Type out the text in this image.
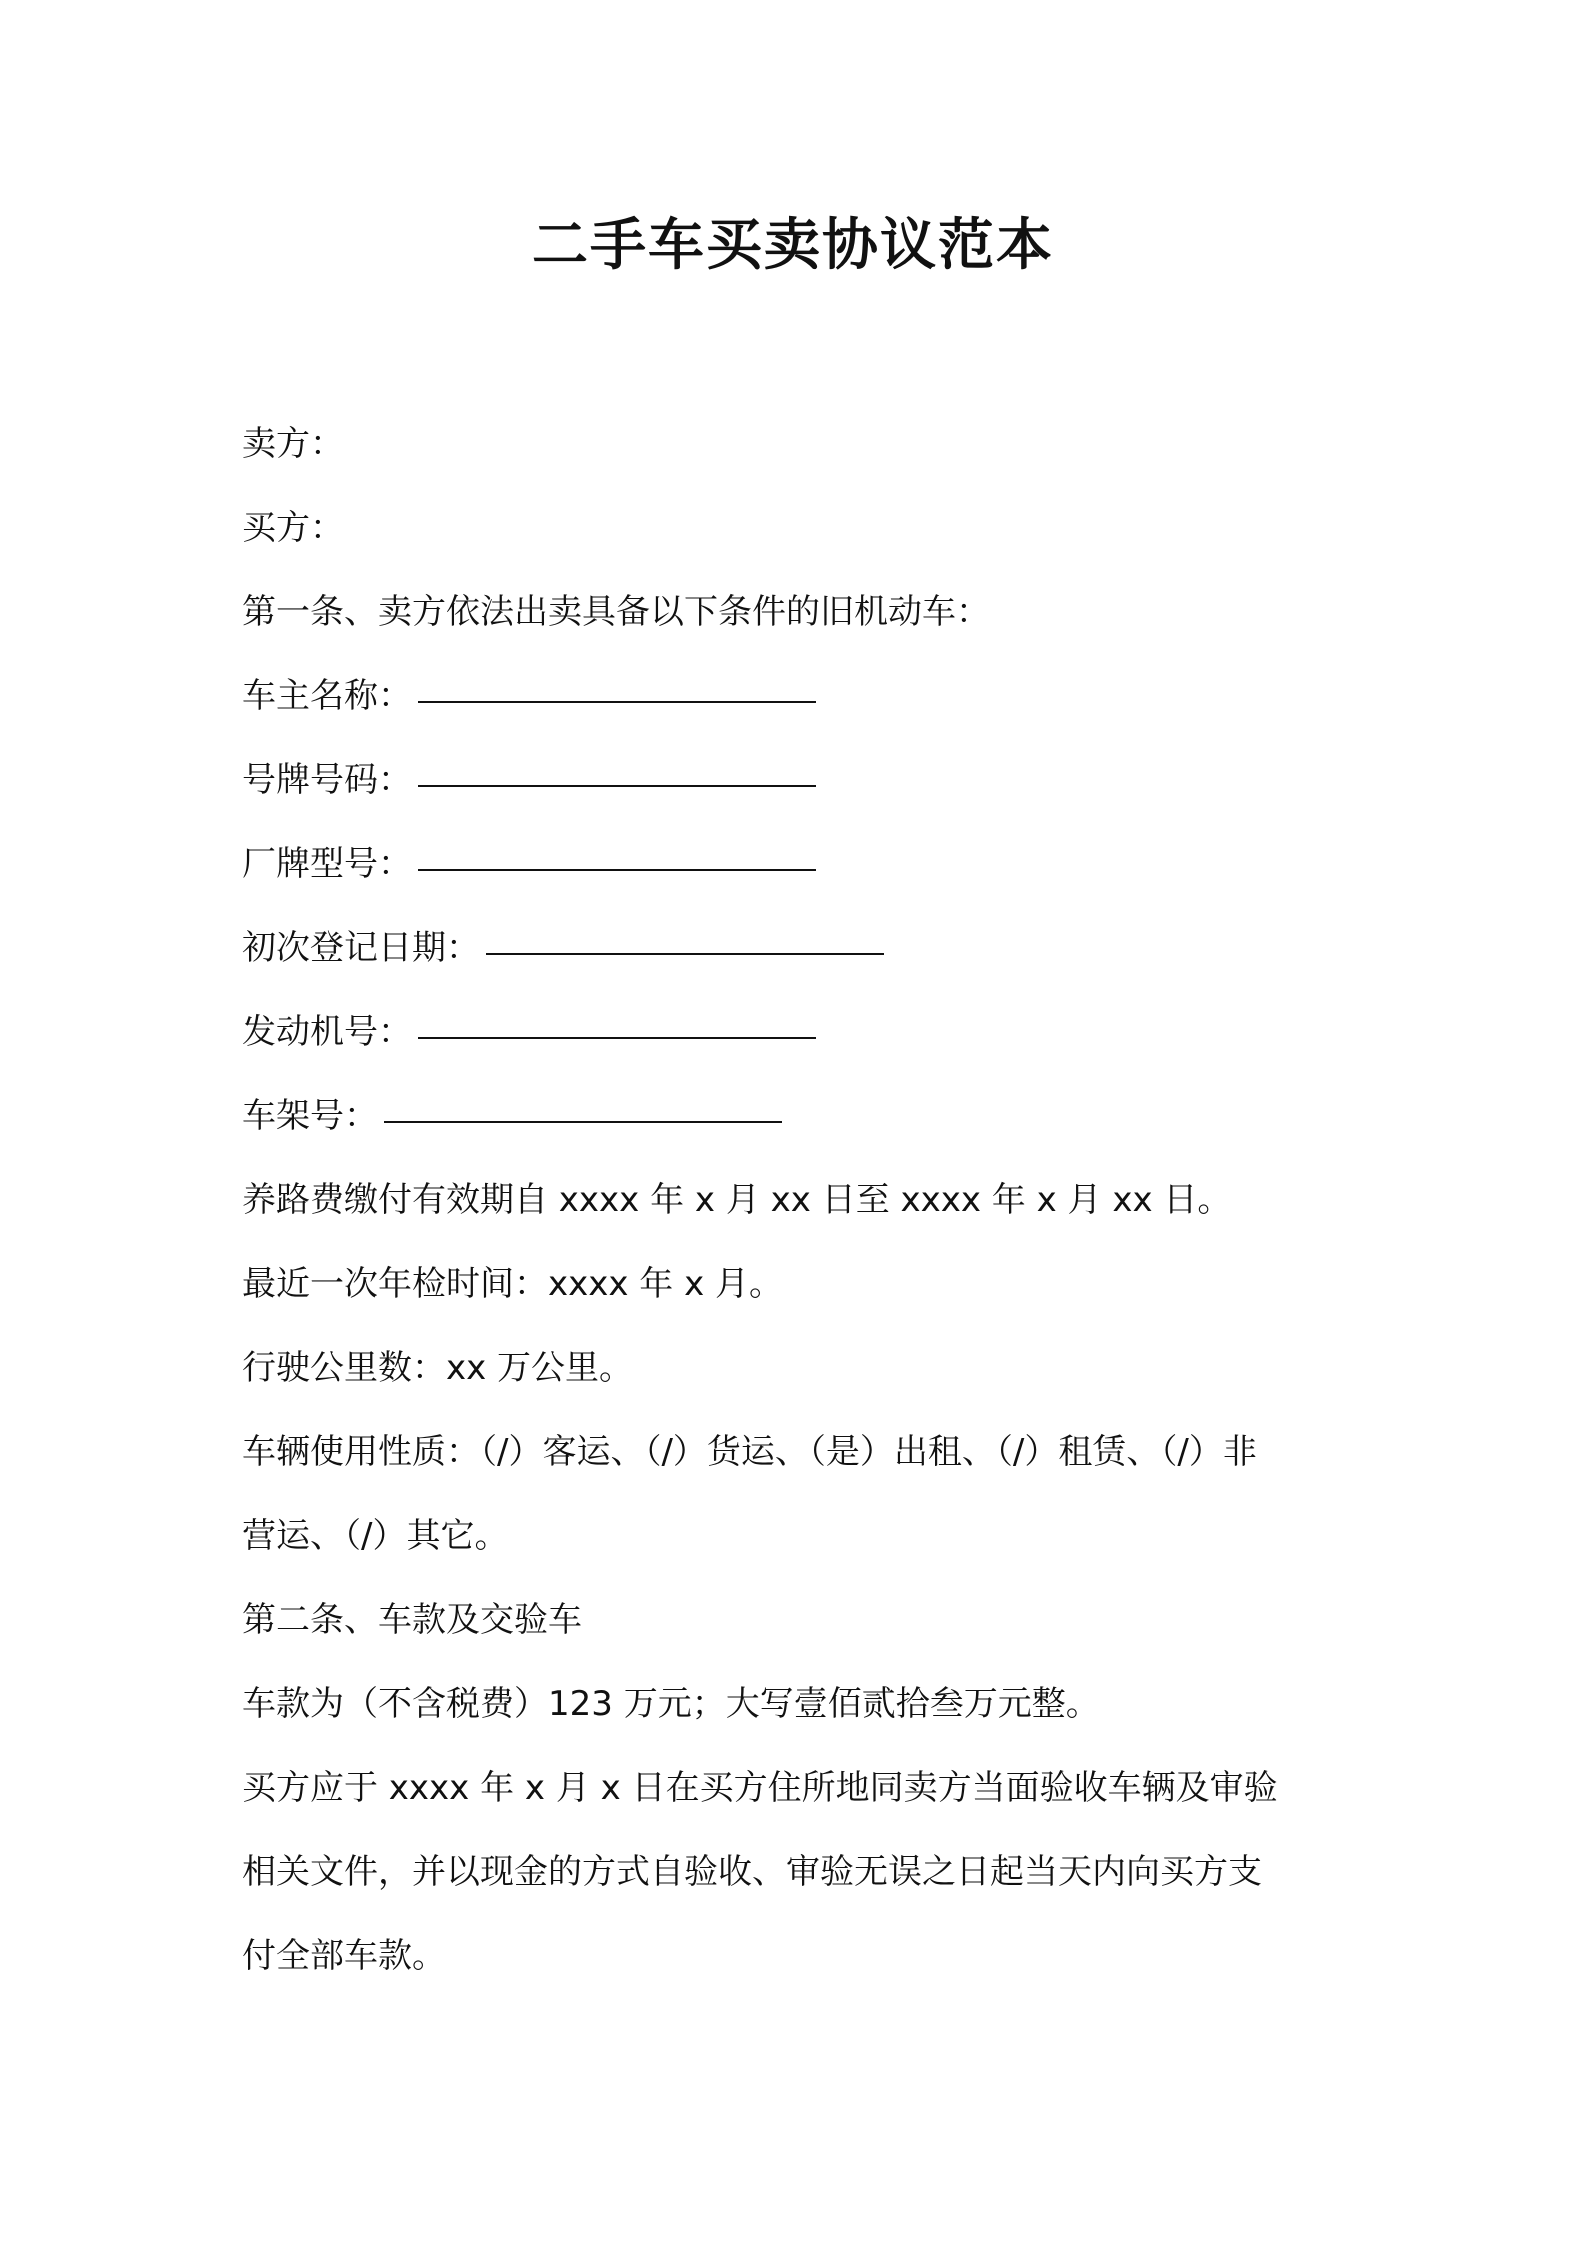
二手车买卖协议范本

卖方：

买方：

第一条、卖方依法出卖具备以下条件的旧机动车：

车主名称：

号牌号码：

厂牌型号：

初次登记日期：

发动机号：

车架号：

养路费缴付有效期自 xxxx 年 x 月 xx 日至 xxxx 年 x 月 xx 日。

最近一次年检时间：xxxx 年 x 月。

行驶公里数：xx 万公里。

车辆使用性质：（/）客运、（/）货运、（是）出租、（/）租赁、（/）非

营运、（/）其它。

第二条、车款及交验车

车款为（不含税费）123 万元；大写壹佰贰拾叁万元整。

买方应于 xxxx 年 x 月 x 日在买方住所地同卖方当面验收车辆及审验

相关文件，并以现金的方式自验收、审验无误之日起当天内向买方支

付全部车款。
